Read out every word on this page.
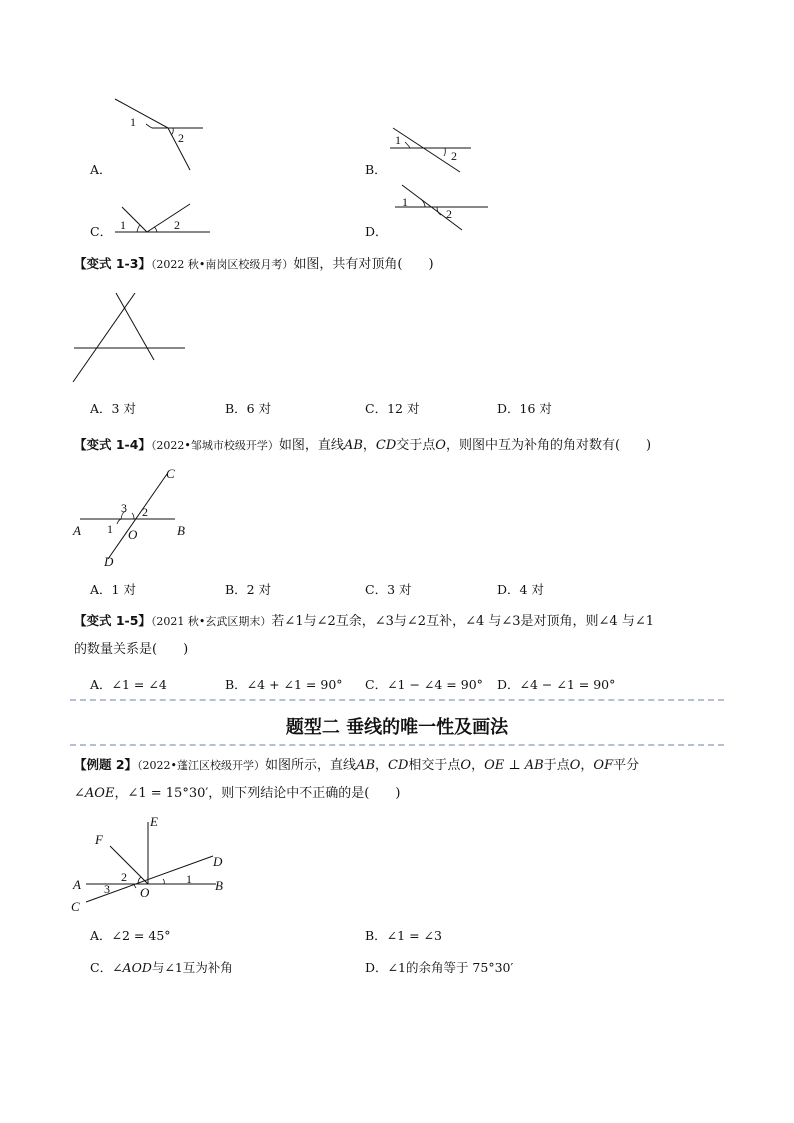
1
2
A．
1
2
B．
1	2
C．
1
2
D．
【变式 1-3】（2022 秋•南岗区校级月考）如图，共有对顶角(　　)
A．3 对	B．6 对	C．12 对	D．16 对
【变式 1-4】（2022•邹城市校级开学）如图，直线AB，CD交于点O，则图中互为补角的角对数有(　　)
C
3 2
A 1 O	B
D
A．1 对	B．2 对	C．3 对	D．4 对
【变式 1-5】（2021 秋•玄武区期末）若∠1与∠2互余，∠3与∠2互补，∠4 与∠3是对顶角，则∠4 与∠1
的数量关系是(　　)
A．∠1 = ∠4	B．∠4 + ∠1 = 90° C．∠1 − ∠4 = 90° D．∠4 − ∠1 = 90°
题型二 垂线的唯一性及画法
【例题 2】（2022•蓬江区校级开学）如图所示，直线AB，CD相交于点O，OE ⊥ AB于点O，OF平分
∠AOE，∠1 = 15°30′，则下列结论中不正确的是(　　)
E
F
D
2	1
A 3 O	B
C
A．∠2 = 45°	B．∠1 = ∠3
C．∠AOD与∠1互为补角	D．∠1的余角等于 75°30′
